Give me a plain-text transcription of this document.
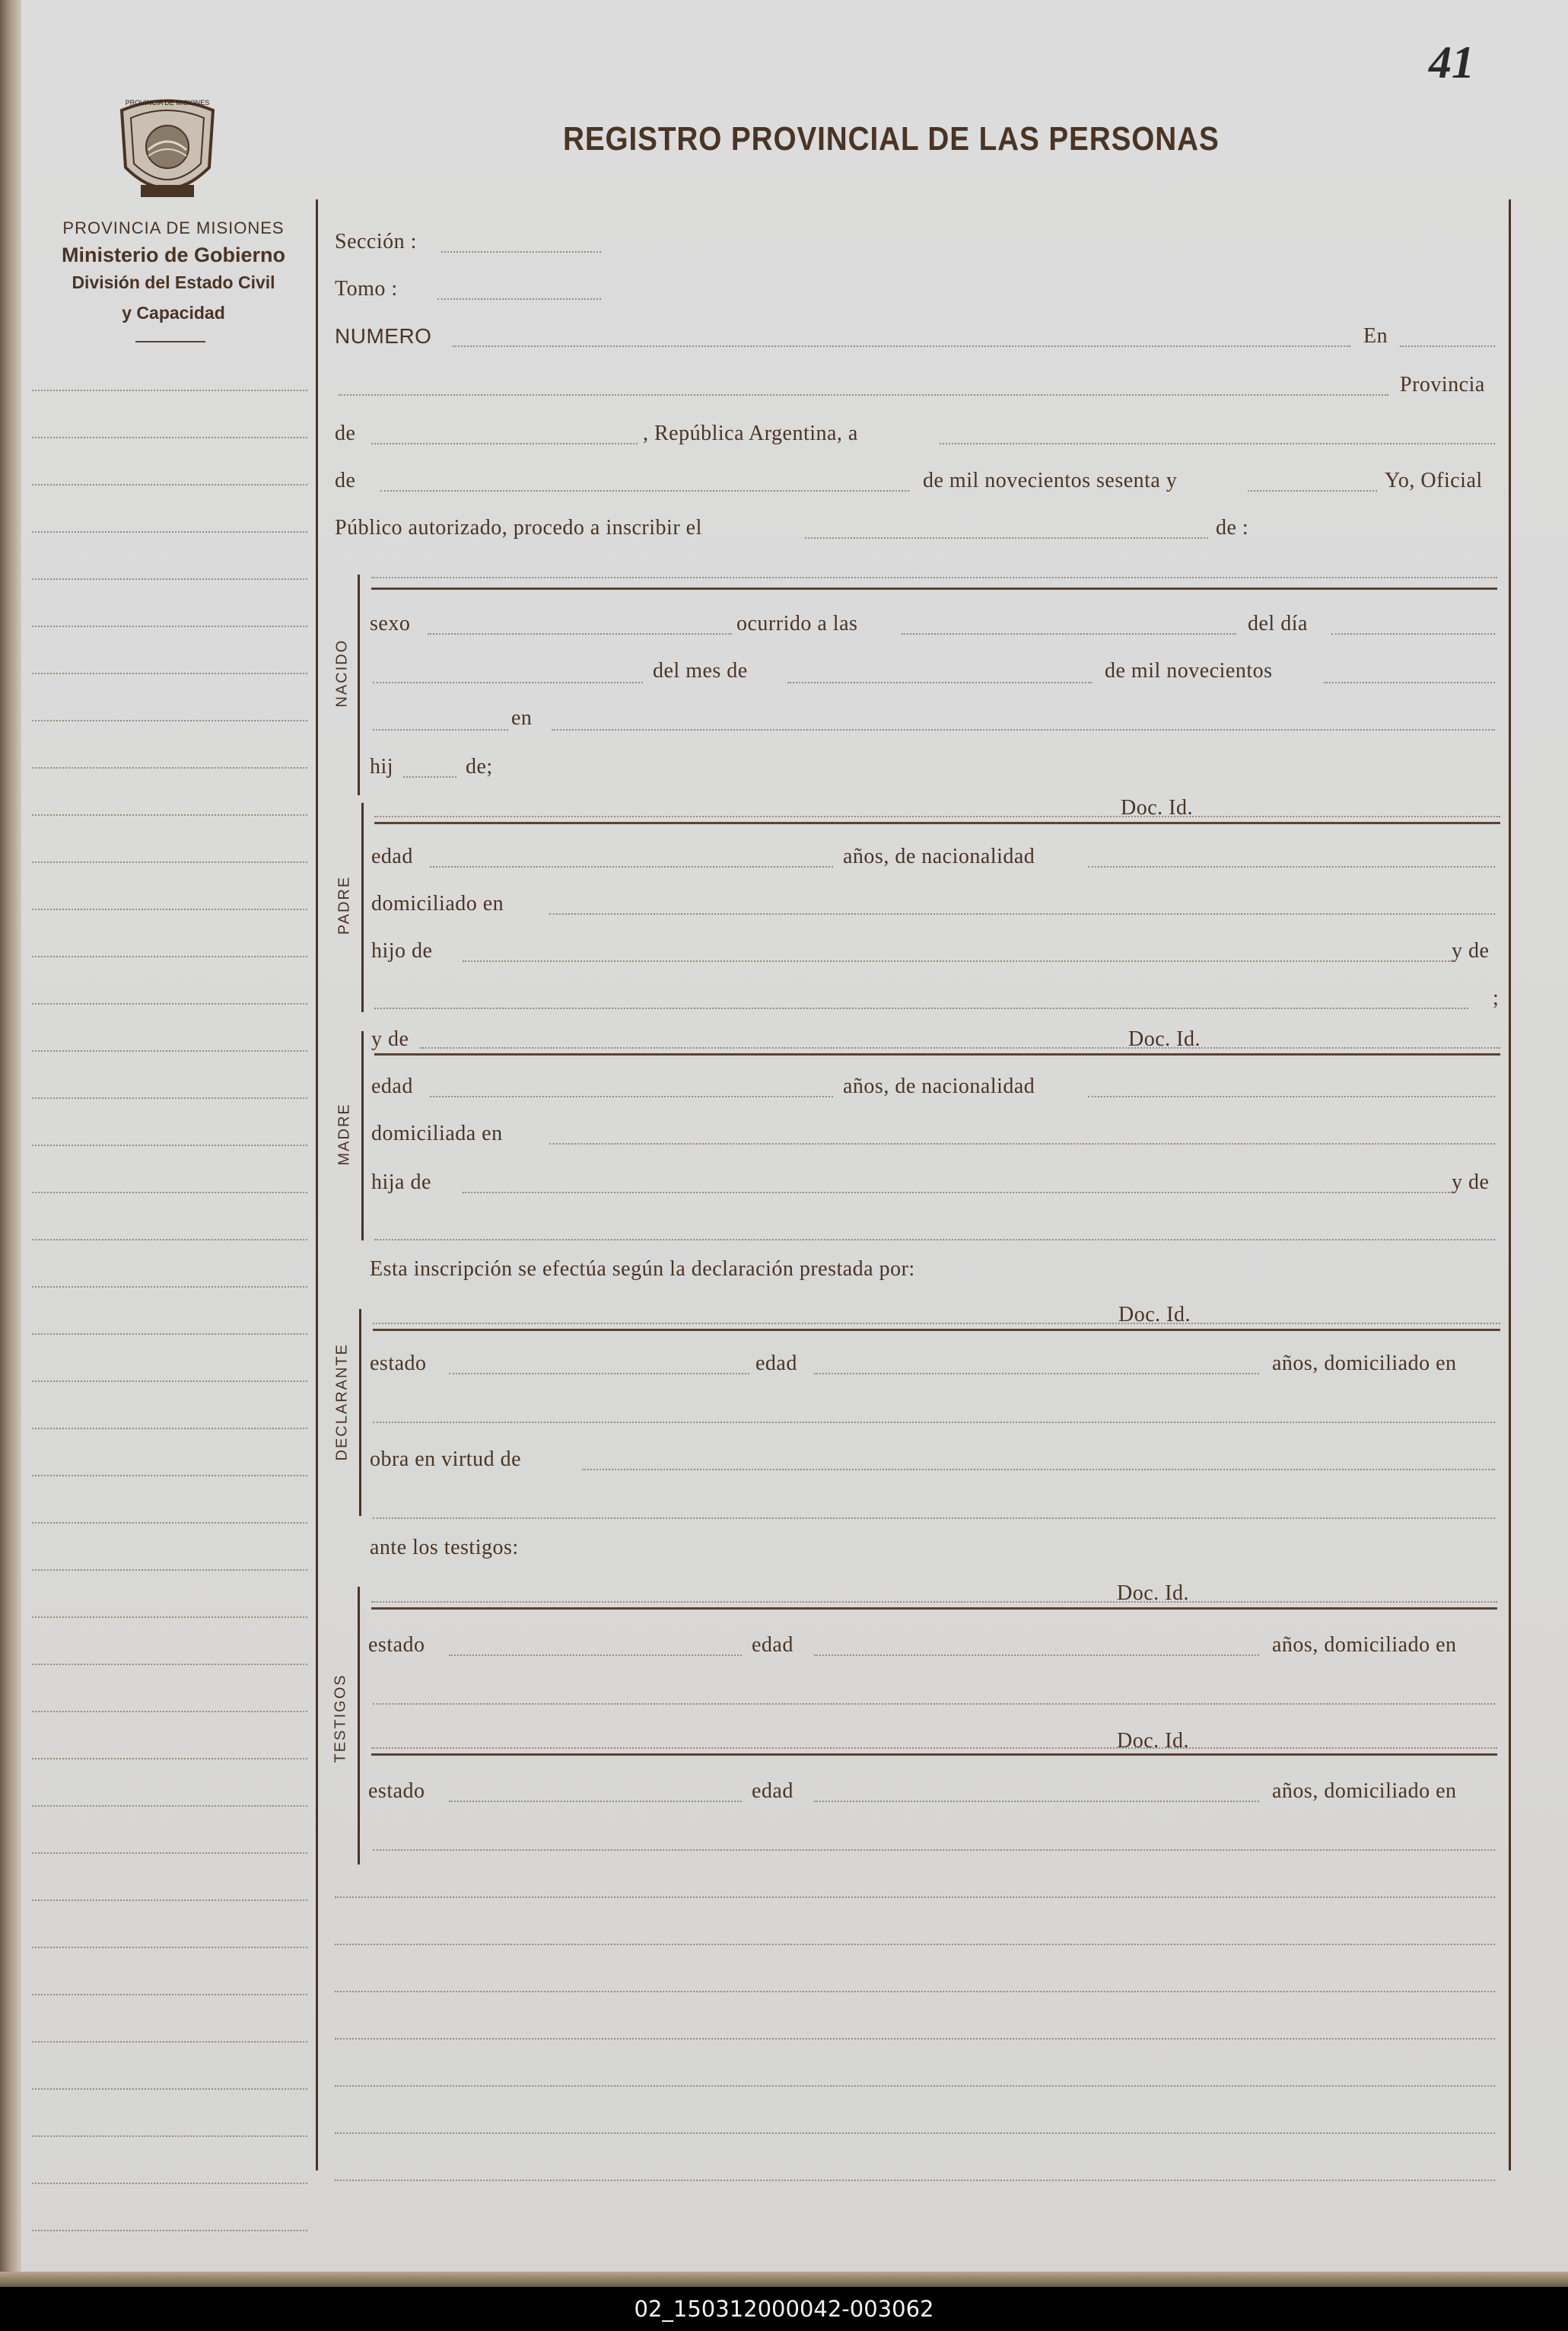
41
REGISTRO PROVINCIAL DE LAS PERSONAS
PROVINCIA DE MISIONES
PROVINCIA DE MISIONES
Ministerio de Gobierno
División del Estado Civil
y Capacidad
Sección :
Tomo :
NUMERO	En
Provincia
de	, República Argentina, a
de	de mil novecientos sesenta y	Yo, Oficial
Público autorizado, procedo a inscribir el	de :
NACIDO
sexo	ocurrido a las	del día
del mes de	de mil novecientos
en
hij	de;
PADRE
Doc. Id.
edad	años, de nacionalidad
domiciliado en
hijo de	y de
;
MADRE
y de	Doc. Id.
edad	años, de nacionalidad
domiciliada en
hija de	y de
Esta inscripción se efectúa según la declaración prestada por:
DECLARANTE
Doc. Id.
estado	edad	años, domiciliado en
obra en virtud de
ante los testigos:
TESTIGOS
Doc. Id.
estado	edad	años, domiciliado en
Doc. Id.
estado	edad	años, domiciliado en
02_150312000042-003062
